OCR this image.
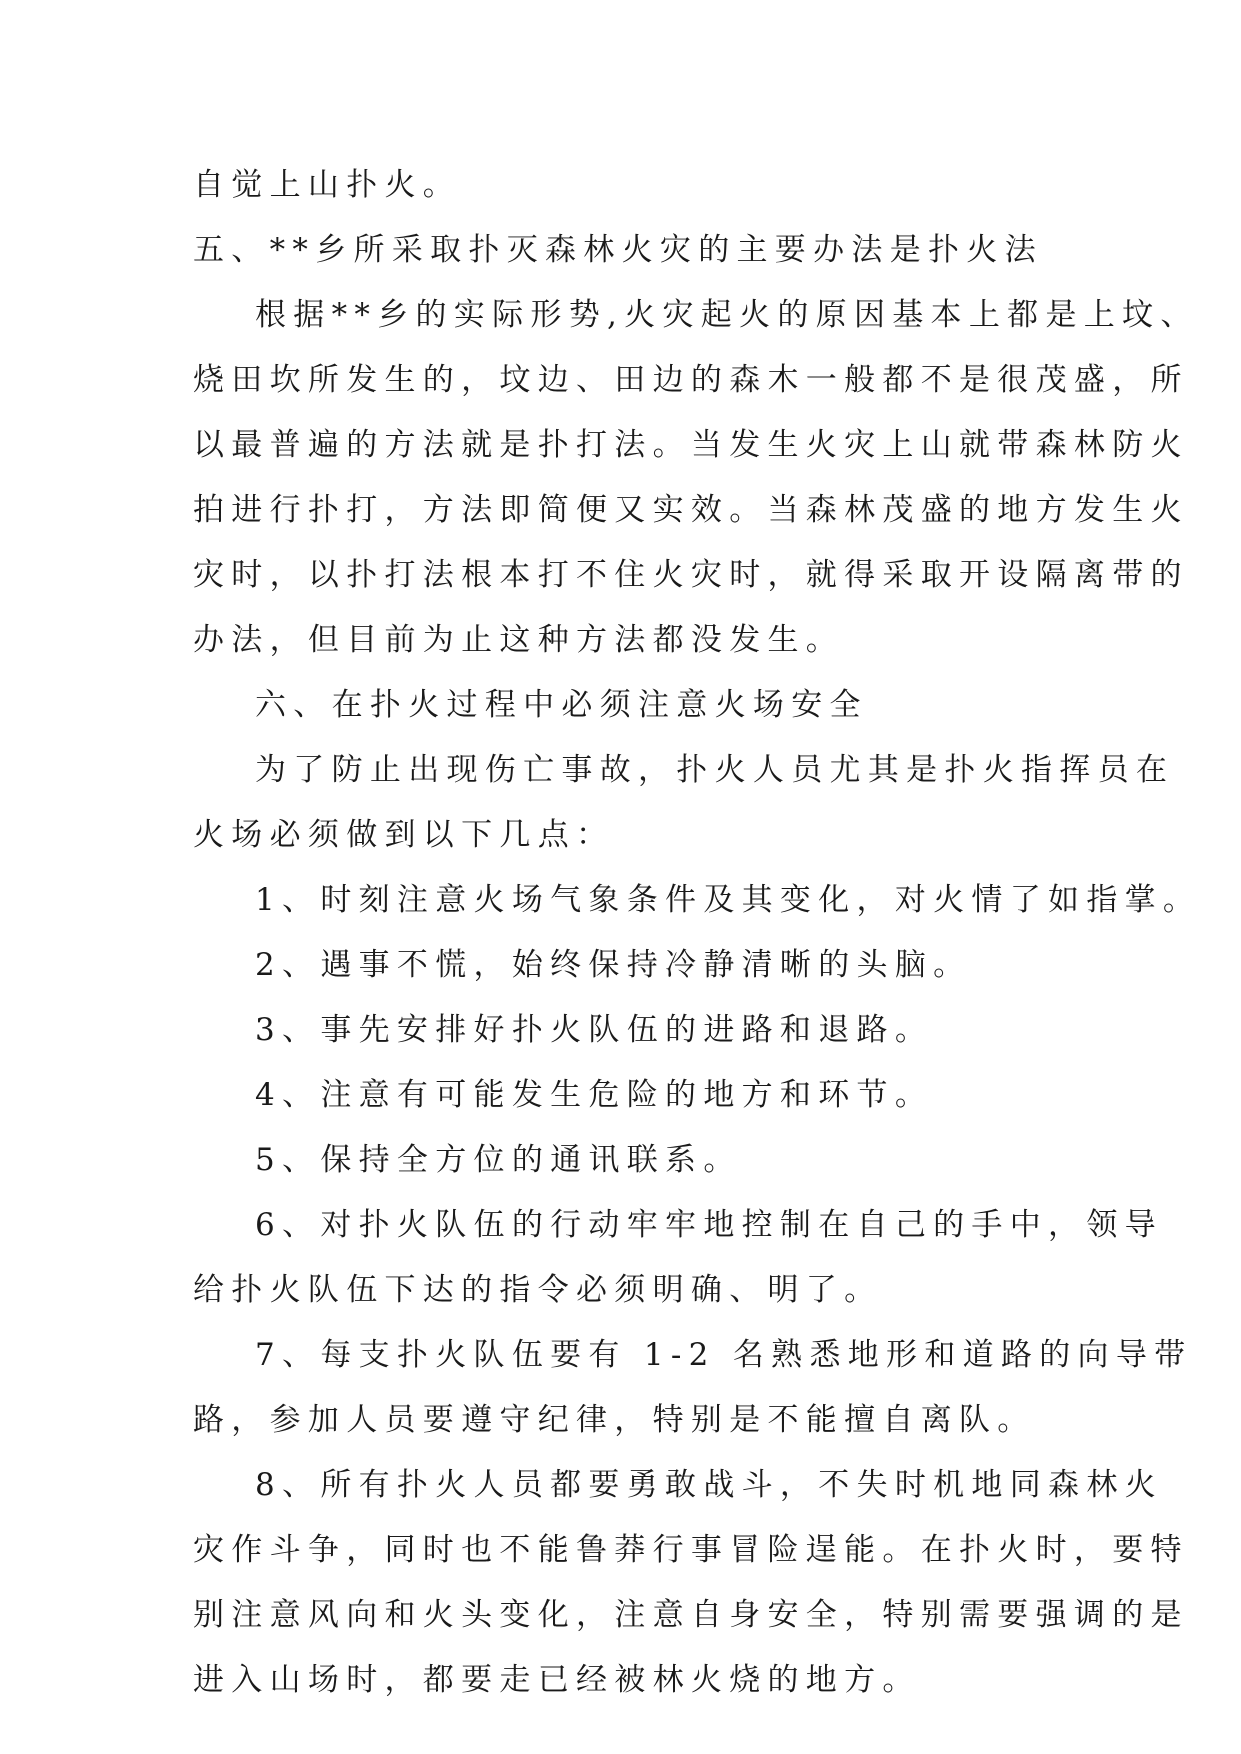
自觉上山扑火。
五、**乡所采取扑灭森林火灾的主要办法是扑火法
根据**乡的实际形势,火灾起火的原因基本上都是上坟、
烧田坎所发生的，坟边、田边的森木一般都不是很茂盛，所
以最普遍的方法就是扑打法。当发生火灾上山就带森林防火
拍进行扑打，方法即简便又实效。当森林茂盛的地方发生火
灾时，以扑打法根本打不住火灾时，就得采取开设隔离带的
办法，但目前为止这种方法都没发生。
六、在扑火过程中必须注意火场安全
为了防止出现伤亡事故，扑火人员尤其是扑火指挥员在
火场必须做到以下几点：
1、时刻注意火场气象条件及其变化，对火情了如指掌。
2、遇事不慌，始终保持冷静清晰的头脑。
3、事先安排好扑火队伍的进路和退路。
4、注意有可能发生危险的地方和环节。
5、保持全方位的通讯联系。
6、对扑火队伍的行动牢牢地控制在自己的手中，领导
给扑火队伍下达的指令必须明确、明了。
7、每支扑火队伍要有 1-2 名熟悉地形和道路的向导带
路，参加人员要遵守纪律，特别是不能擅自离队。
8、所有扑火人员都要勇敢战斗，不失时机地同森林火
灾作斗争，同时也不能鲁莽行事冒险逞能。在扑火时，要特
别注意风向和火头变化，注意自身安全，特别需要强调的是
进入山场时，都要走已经被林火烧的地方。
